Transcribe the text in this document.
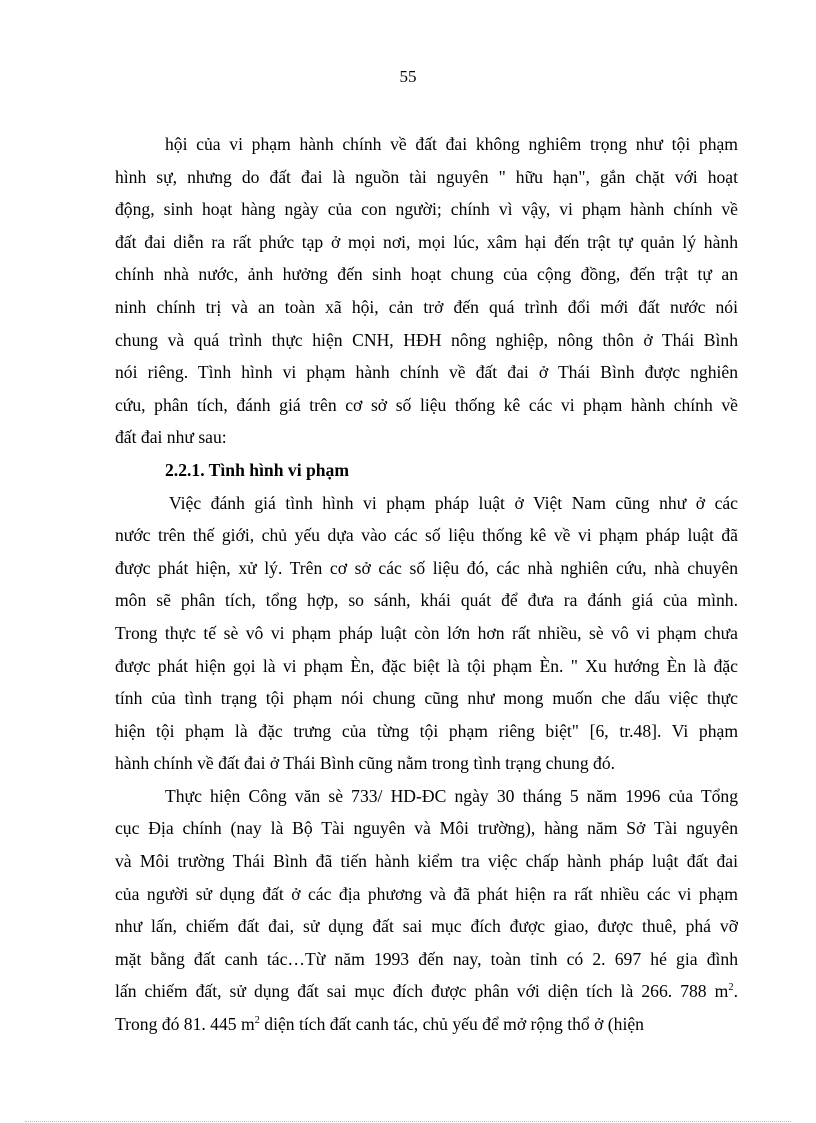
55
hội của vi phạm hành chính về đất đai không nghiêm trọng như tội phạm
hình sự, nhưng do đất đai là nguồn tài nguyên " hữu hạn", gắn chặt với hoạt
động, sinh hoạt hàng ngày của con người; chính vì vậy, vi phạm hành chính về
đất đai diễn ra rất phức tạp ở mọi nơi, mọi lúc, xâm hại đến trật tự quản lý hành
chính nhà nước, ảnh hưởng đến sinh hoạt chung của cộng đồng, đến trật tự an
ninh chính trị và an toàn xã hội, cản trở đến quá trình đổi mới đất nước nói
chung và quá trình thực hiện CNH, HĐH nông nghiệp, nông thôn ở Thái Bình
nói riêng. Tình hình vi phạm hành chính về đất đai ở Thái Bình được nghiên
cứu, phân tích, đánh giá trên cơ sở số liệu thống kê các vi phạm hành chính về
đất đai như sau:
2.2.1. Tình hình vi phạm
Việc đánh giá tình hình vi phạm pháp luật ở Việt Nam cũng như ở các
nước trên thế giới, chủ yếu dựa vào các số liệu thống kê về vi phạm pháp luật đã
được phát hiện, xử lý. Trên cơ sở các số liệu đó, các nhà nghiên cứu, nhà chuyên
môn sẽ phân tích, tổng hợp, so sánh, khái quát để đưa ra đánh giá của mình.
Trong thực tế sè vô vi phạm pháp luật còn lớn hơn rất nhiều, sè vô vi phạm chưa
được phát hiện gọi là vi phạm Èn, đặc biệt là tội phạm Èn. " Xu hướng Èn là đặc
tính của tình trạng tội phạm nói chung cũng như mong muốn che dấu việc thực
hiện tội phạm là đặc trưng của từng tội phạm riêng biệt" [6, tr.48]. Vi phạm
hành chính về đất đai ở Thái Bình cũng nằm trong tình trạng chung đó.
Thực hiện Công văn sè 733/ HD-ĐC ngày 30 tháng 5 năm 1996 của Tổng
cục Địa chính (nay là Bộ Tài nguyên và Môi trường), hàng năm Sở Tài nguyên
và Môi trường Thái Bình đã tiến hành kiểm tra việc chấp hành pháp luật đất đai
của người sử dụng đất ở các địa phương và đã phát hiện ra rất nhiều các vi phạm
như lấn, chiếm đất đai, sử dụng đất sai mục đích được giao, được thuê, phá vỡ
mặt bằng đất canh tác…Từ năm 1993 đến nay, toàn tỉnh có 2. 697 hé gia đình
lấn chiếm đất, sử dụng đất sai mục đích được phân với diện tích là 266. 788 $m^2$.
Trong đó 81. 445 $m^2$ diện tích đất canh tác, chủ yếu để mở rộng thổ ở (hiện
